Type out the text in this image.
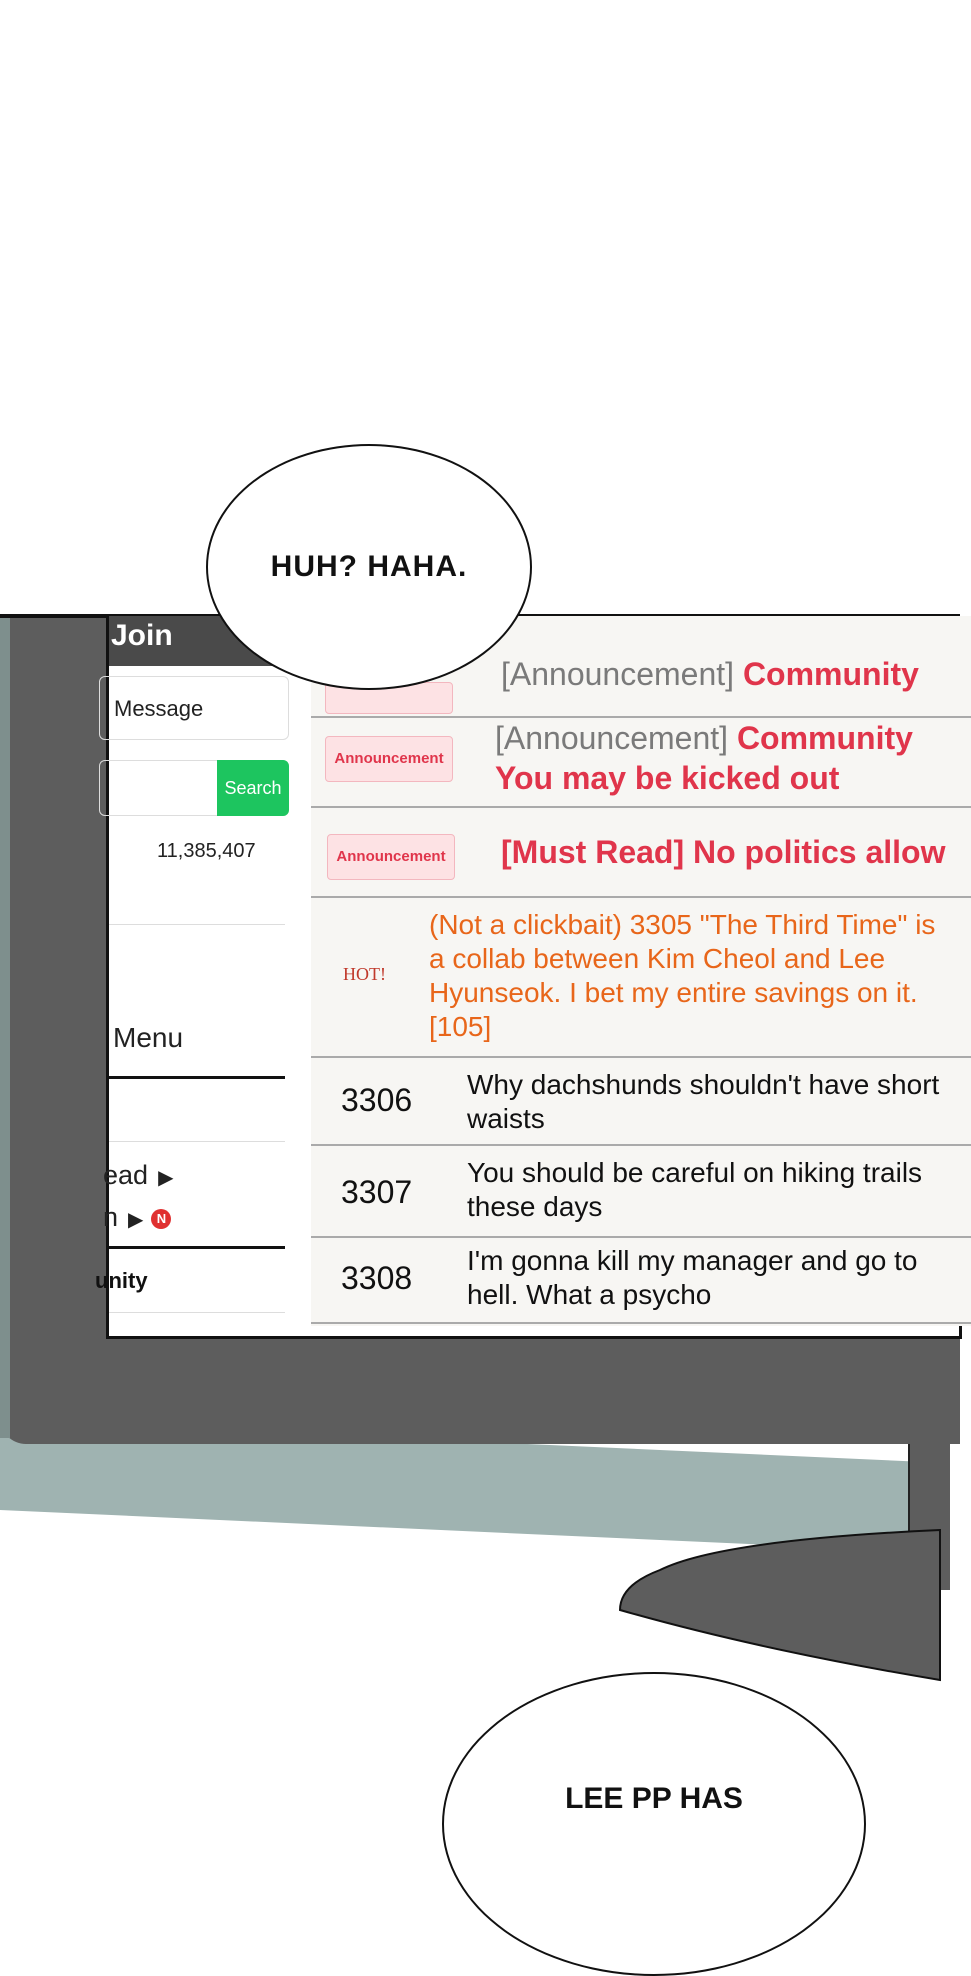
Join
Message
Search
11,385,407
Menu
ead ▶
n ▶ N
unity
[Announcement] Community
Announcement
[Announcement] Community
You may be kicked out
Announcement [Must Read] No politics allow
HOT!
(Not a clickbait) 3305 "The Third Time" is a collab between Kim Cheol and Lee Hyunseok. I bet my entire savings on it. [105]
3306 Why dachshunds shouldn't have short waists
3307
You should be careful on hiking trails these days
3308 I'm gonna kill my manager and go to hell. What a psycho
HUH? HAHA.
LEE PP HAS
